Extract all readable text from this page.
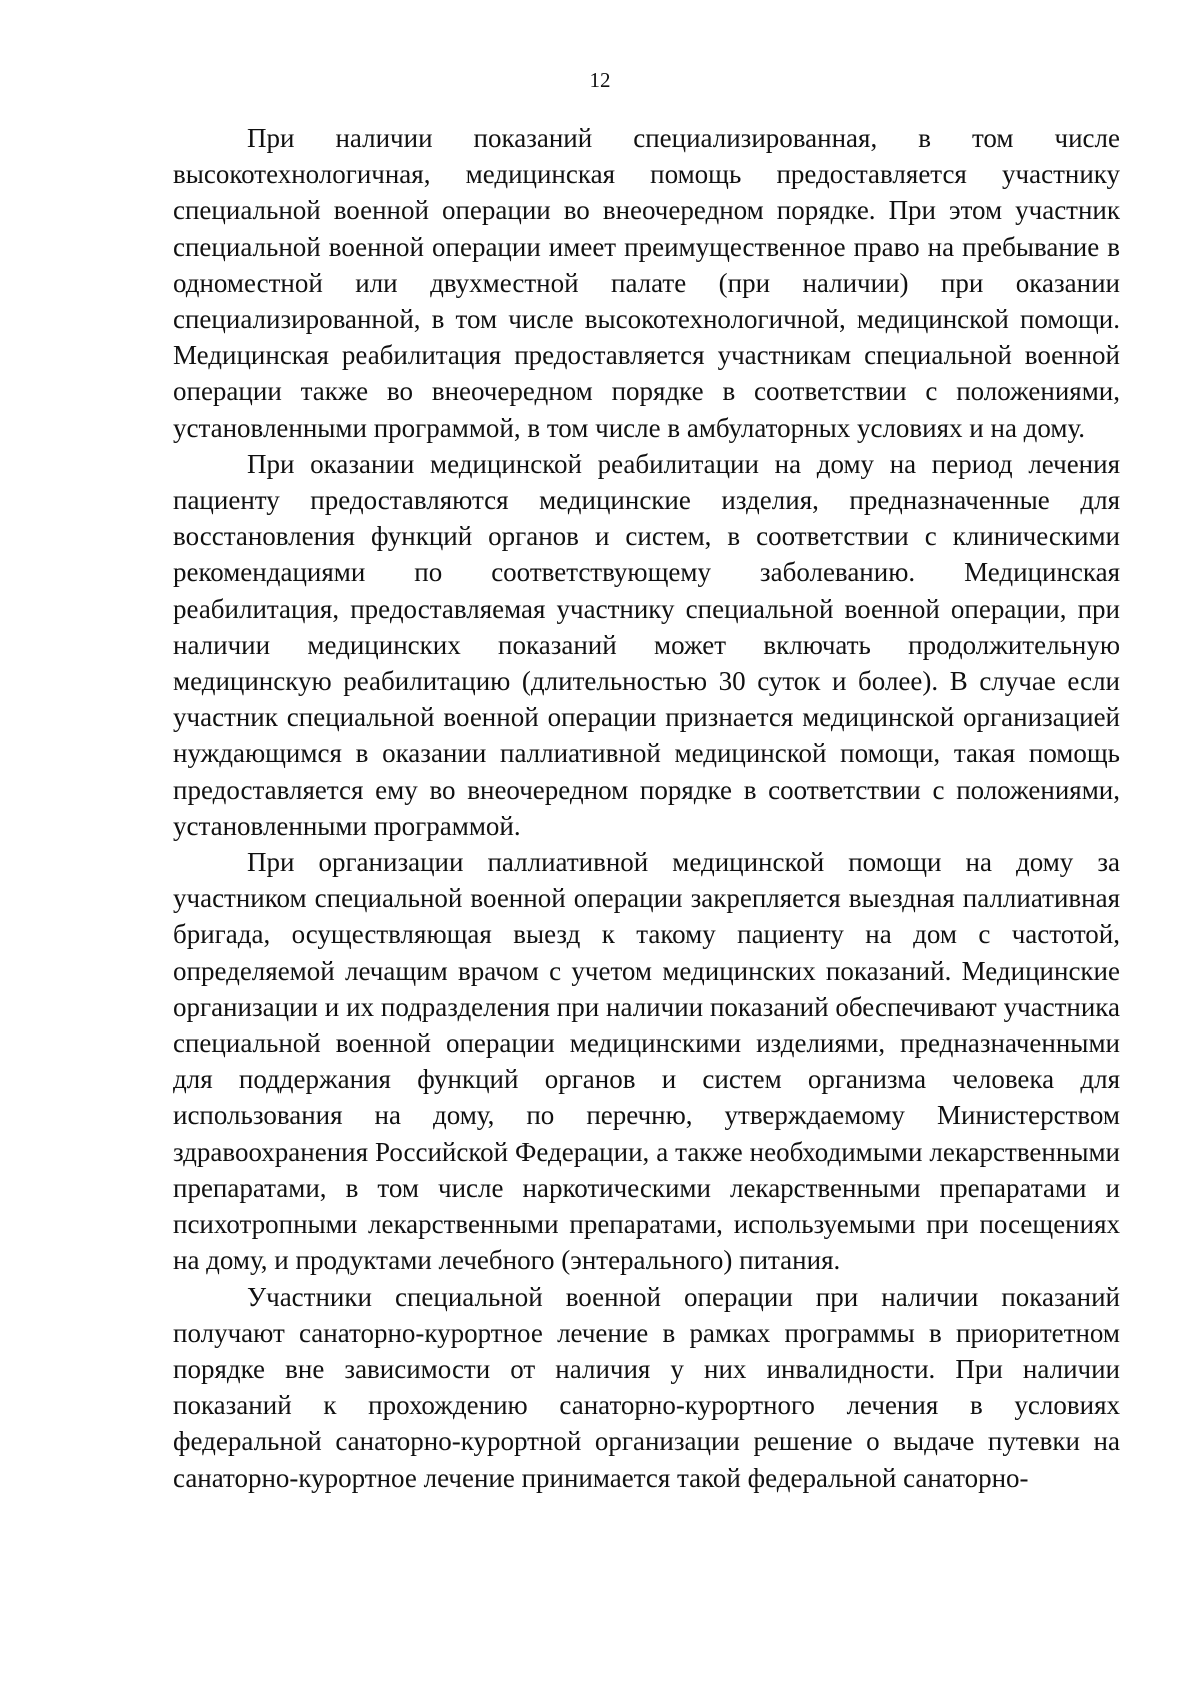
12

При наличии показаний специализированная, в том числе высокотехнологичная, медицинская помощь предоставляется участнику специальной военной операции во внеочередном порядке. При этом участник специальной военной операции имеет преимущественное право на пребывание в одноместной или двухместной палате (при наличии) при оказании специализированной, в том числе высокотехнологичной, медицинской помощи. Медицинская реабилитация предоставляется участникам специальной военной операции также во внеочередном порядке в соответствии с положениями, установленными программой, в том числе в амбулаторных условиях и на дому.

При оказании медицинской реабилитации на дому на период лечения пациенту предоставляются медицинские изделия, предназначенные для восстановления функций органов и систем, в соответствии с клиническими рекомендациями по соответствующему заболеванию. Медицинская реабилитация, предоставляемая участнику специальной военной операции, при наличии медицинских показаний может включать продолжительную медицинскую реабилитацию (длительностью 30 суток и более). В случае если участник специальной военной операции признается медицинской организацией нуждающимся в оказании паллиативной медицинской помощи, такая помощь предоставляется ему во внеочередном порядке в соответствии с положениями, установленными программой.

При организации паллиативной медицинской помощи на дому за участником специальной военной операции закрепляется выездная паллиативная бригада, осуществляющая выезд к такому пациенту на дом с частотой, определяемой лечащим врачом с учетом медицинских показаний. Медицинские организации и их подразделения при наличии показаний обеспечивают участника специальной военной операции медицинскими изделиями, предназначенными для поддержания функций органов и систем организма человека для использования на дому, по перечню, утверждаемому Министерством здравоохранения Российской Федерации, а также необходимыми лекарственными препаратами, в том числе наркотическими лекарственными препаратами и психотропными лекарственными препаратами, используемыми при посещениях на дому, и продуктами лечебного (энтерального) питания.

Участники специальной военной операции при наличии показаний получают санаторно-курортное лечение в рамках программы в приоритетном порядке вне зависимости от наличия у них инвалидности. При наличии показаний к прохождению санаторно-курортного лечения в условиях федеральной санаторно-курортной организации решение о выдаче путевки на санаторно-курортное лечение принимается такой федеральной санаторно-
